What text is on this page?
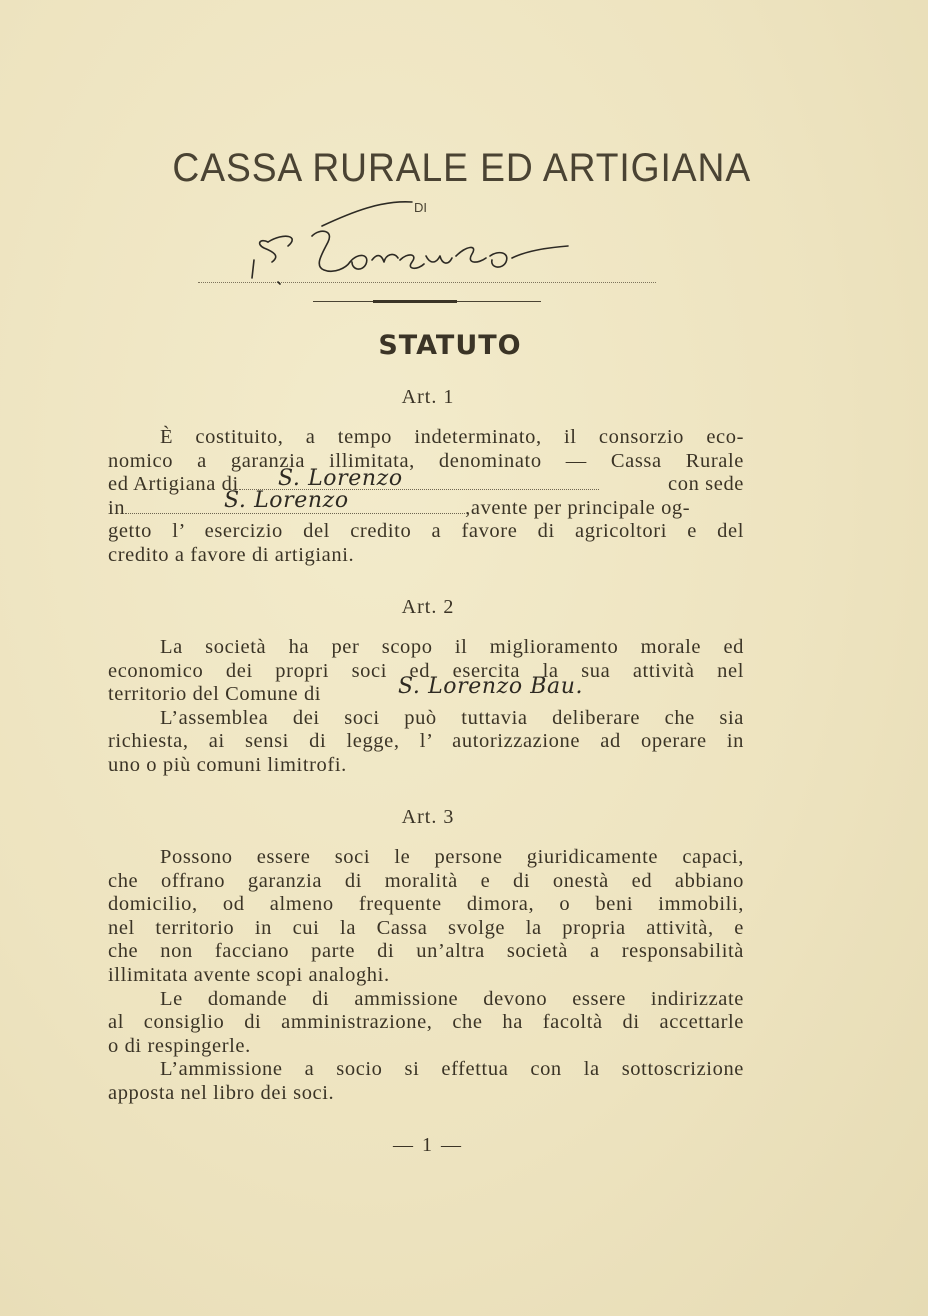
CASSA RURALE ED ARTIGIANA
DI
STATUTO
Art. 1
È costituito, a tempo indeterminato, il consorzio eco-
nomico a garanzia illimitata, denominato — Cassa Rurale
ed Artigiana di	con sede
S. Lorenzo
in	,avente per principale og-
S. Lorenzo
getto l’ esercizio del credito a favore di agricoltori e del
credito a favore di artigiani.
Art. 2
La società ha per scopo il miglioramento morale ed
economico dei propri soci ed esercita la sua attività nel
territorio del Comune di	S. Lorenzo Bau.
L’assemblea dei soci può tuttavia deliberare che sia
richiesta, ai sensi di legge, l’ autorizzazione ad operare in
uno o più comuni limitrofi.
Art. 3
Possono essere soci le persone giuridicamente capaci,
che offrano garanzia di moralità e di onestà ed abbiano
domicilio, od almeno frequente dimora, o beni immobili,
nel territorio in cui la Cassa svolge la propria attività, e
che non facciano parte di un’altra società a responsabilità
illimitata avente scopi analoghi.
Le domande di ammissione devono essere indirizzate
al consiglio di amministrazione, che ha facoltà di accettarle
o di respingerle.
L’ammissione a socio si effettua con la sottoscrizione
apposta nel libro dei soci.
— 1 —
